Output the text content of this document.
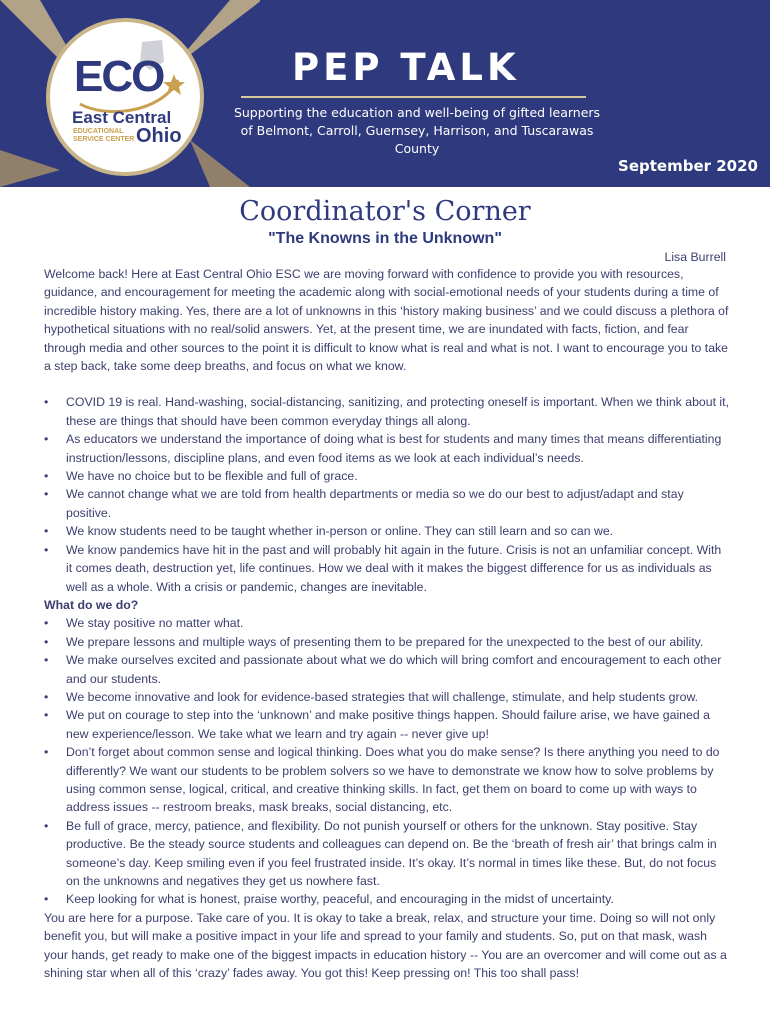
ECO
East Central
EDUCATIONAL
SERVICE CENTER Ohio
PEP TALK
Supporting the education and well-being of gifted learners of Belmont, Carroll, Guernsey, Harrison, and Tuscarawas County
September 2020
Coordinator's Corner
"The Knowns in the Unknown"
Lisa Burrell

Welcome back! Here at East Central Ohio ESC we are moving forward with confidence to provide you with resources, guidance, and encouragement for meeting the academic along with social-emotional needs of your students during a time of incredible history making. Yes, there are a lot of unknowns in this ‘history making business’ and we could discuss a plethora of hypothetical situations with no real/solid answers. Yet, at the present time, we are inundated with facts, fiction, and fear through media and other sources to the point it is difficult to know what is real and what is not. I want to encourage you to take a step back, take some deep breaths, and focus on what we know.

• COVID 19 is real. Hand-washing, social-distancing, sanitizing, and protecting oneself is important. When we think about it, these are things that should have been common everyday things all along.
• As educators we understand the importance of doing what is best for students and many times that means differentiating instruction/lessons, discipline plans, and even food items as we look at each individual’s needs.
• We have no choice but to be flexible and full of grace.
• We cannot change what we are told from health departments or media so we do our best to adjust/adapt and stay positive.
• We know students need to be taught whether in-person or online. They can still learn and so can we.
• We know pandemics have hit in the past and will probably hit again in the future. Crisis is not an unfamiliar concept. With it comes death, destruction yet, life continues. How we deal with it makes the biggest difference for us as individuals as well as a whole. With a crisis or pandemic, changes are inevitable.
What do we do?
• We stay positive no matter what.
• We prepare lessons and multiple ways of presenting them to be prepared for the unexpected to the best of our ability.
• We make ourselves excited and passionate about what we do which will bring comfort and encouragement to each other and our students.
• We become innovative and look for evidence-based strategies that will challenge, stimulate, and help students grow.
• We put on courage to step into the ‘unknown’ and make positive things happen. Should failure arise, we have gained a new experience/lesson. We take what we learn and try again -- never give up!
• Don’t forget about common sense and logical thinking. Does what you do make sense? Is there anything you need to do differently? We want our students to be problem solvers so we have to demonstrate we know how to solve problems by using common sense, logical, critical, and creative thinking skills. In fact, get them on board to come up with ways to address issues -- restroom breaks, mask breaks, social distancing, etc.
• Be full of grace, mercy, patience, and flexibility. Do not punish yourself or others for the unknown. Stay positive. Stay productive. Be the steady source students and colleagues can depend on. Be the ‘breath of fresh air’ that brings calm in someone’s day. Keep smiling even if you feel frustrated inside. It’s okay. It’s normal in times like these. But, do not focus on the unknowns and negatives they get us nowhere fast.
• Keep looking for what is honest, praise worthy, peaceful, and encouraging in the midst of uncertainty.

You are here for a purpose. Take care of you. It is okay to take a break, relax, and structure your time. Doing so will not only benefit you, but will make a positive impact in your life and spread to your family and students. So, put on that mask, wash your hands, get ready to make one of the biggest impacts in education history -- You are an overcomer and will come out as a shining star when all of this ‘crazy’ fades away. You got this! Keep pressing on! This too shall pass!
